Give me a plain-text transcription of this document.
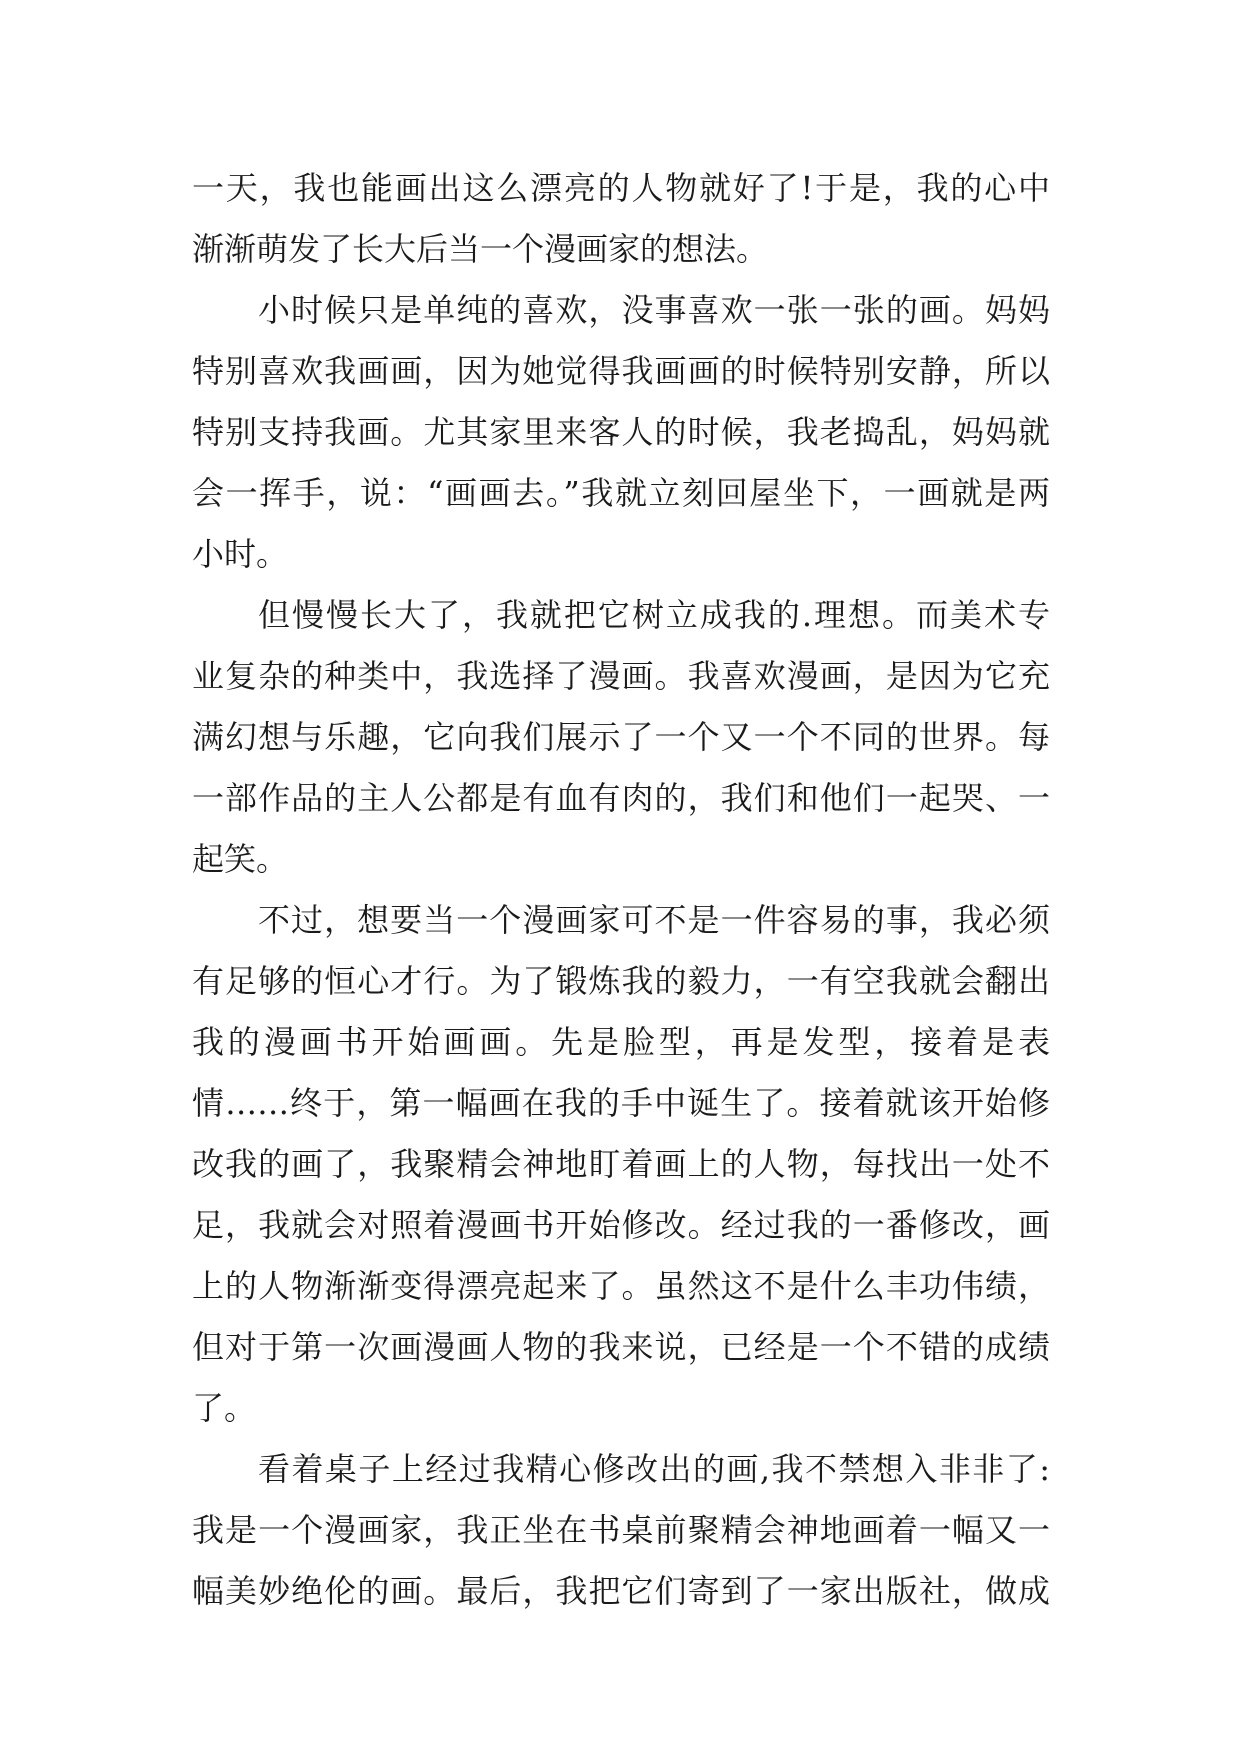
一天，我也能画出这么漂亮的人物就好了!于是，我的心中
渐渐萌发了长大后当一个漫画家的想法。
小时候只是单纯的喜欢，没事喜欢一张一张的画。妈妈
特别喜欢我画画，因为她觉得我画画的时候特别安静，所以
特别支持我画。尤其家里来客人的时候，我老捣乱，妈妈就
会一挥手，说：“画画去。”我就立刻回屋坐下，一画就是两
小时。
但慢慢长大了，我就把它树立成我的.理想。而美术专
业复杂的种类中，我选择了漫画。我喜欢漫画，是因为它充
满幻想与乐趣，它向我们展示了一个又一个不同的世界。每
一部作品的主人公都是有血有肉的，我们和他们一起哭、一
起笑。
不过，想要当一个漫画家可不是一件容易的事，我必须
有足够的恒心才行。为了锻炼我的毅力，一有空我就会翻出
我的漫画书开始画画。先是脸型，再是发型，接着是表
情……终于，第一幅画在我的手中诞生了。接着就该开始修
改我的画了，我聚精会神地盯着画上的人物，每找出一处不
足，我就会对照着漫画书开始修改。经过我的一番修改，画
上的人物渐渐变得漂亮起来了。虽然这不是什么丰功伟绩，
但对于第一次画漫画人物的我来说，已经是一个不错的成绩
了。
看着桌子上经过我精心修改出的画,我不禁想入非非了:
我是一个漫画家，我正坐在书桌前聚精会神地画着一幅又一
幅美妙绝伦的画。最后，我把它们寄到了一家出版社，做成
